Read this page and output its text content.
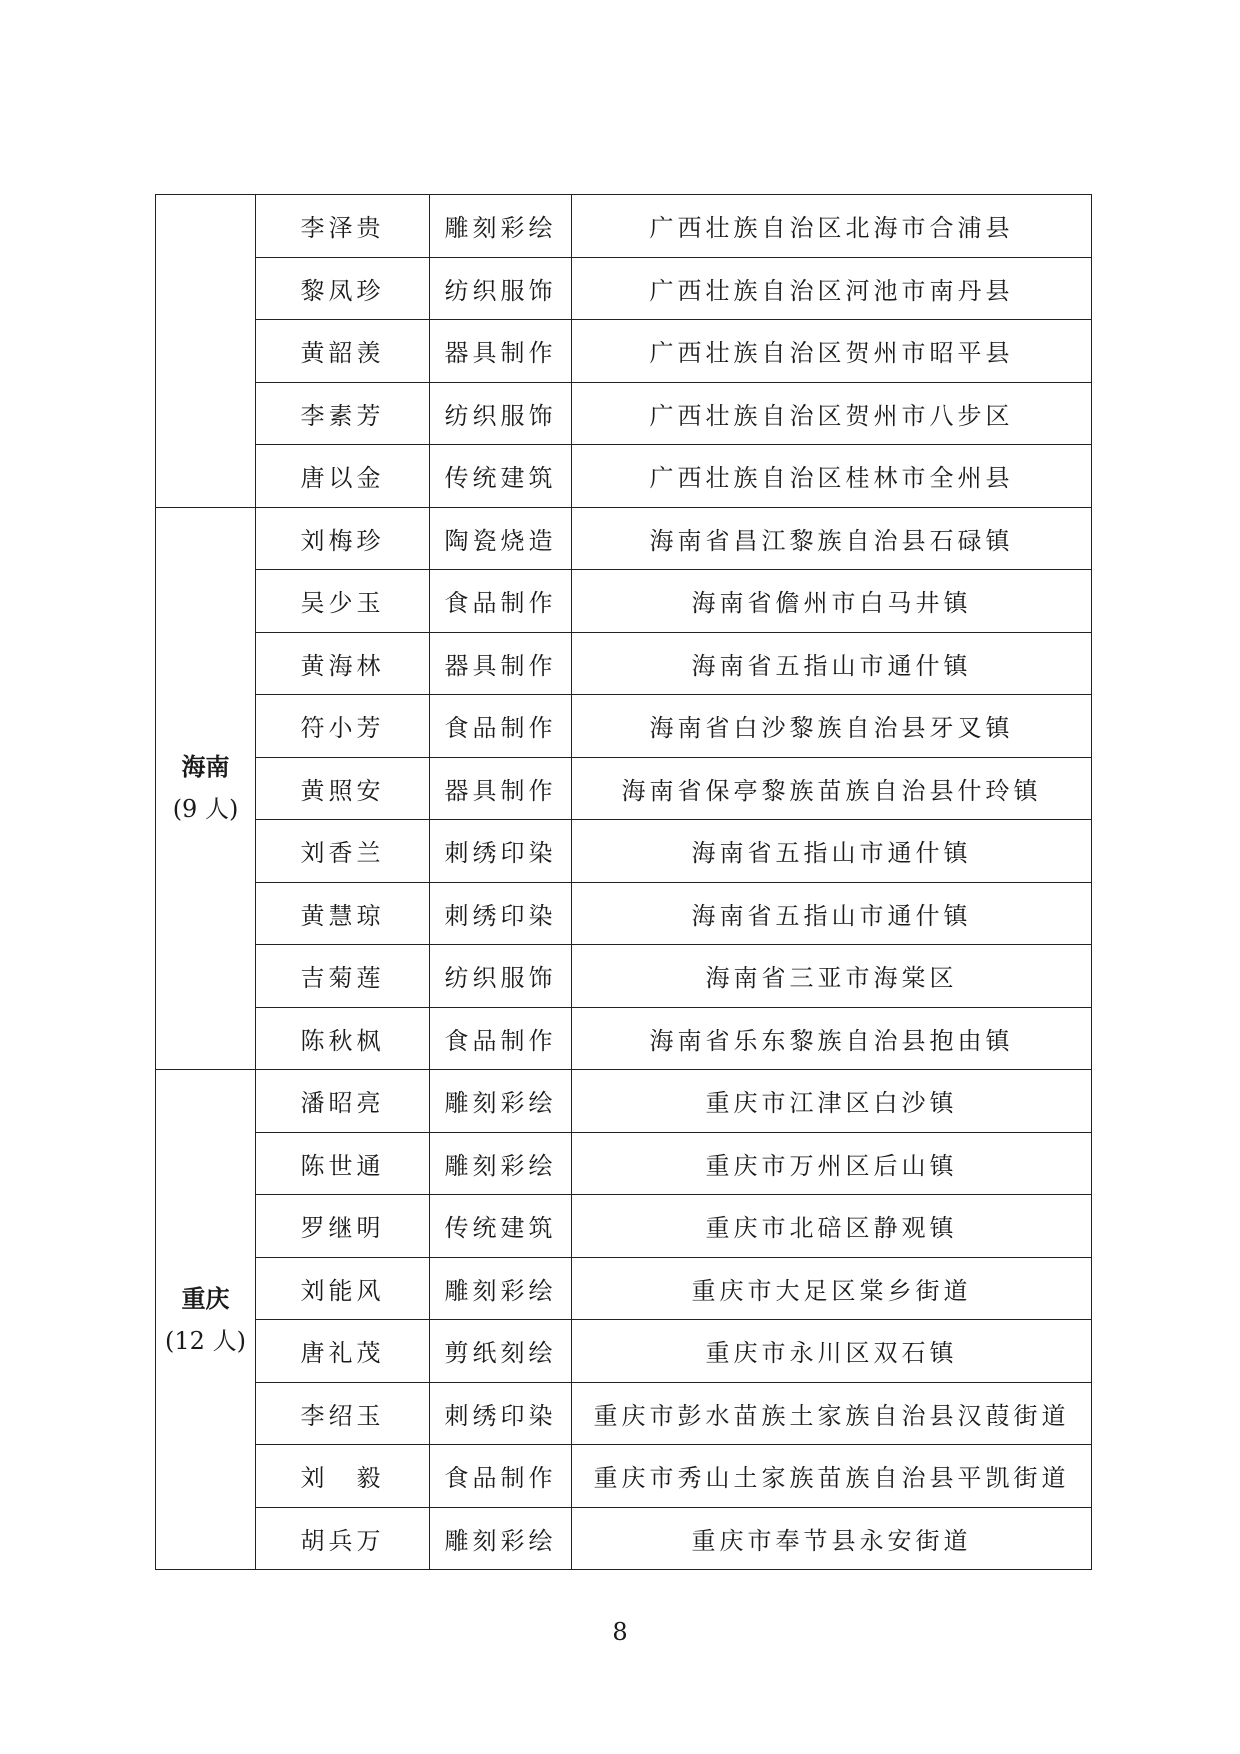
	李泽贵	雕刻彩绘	广西壮族自治区北海市合浦县
	黎凤珍	纺织服饰	广西壮族自治区河池市南丹县
	黄韶羡	器具制作	广西壮族自治区贺州市昭平县
	李素芳	纺织服饰	广西壮族自治区贺州市八步区
	唐以金	传统建筑	广西壮族自治区桂林市全州县

海南
(9 人)	刘梅珍	陶瓷烧造	海南省昌江黎族自治县石碌镇
	吴少玉	食品制作	海南省儋州市白马井镇
	黄海林	器具制作	海南省五指山市通什镇
	符小芳	食品制作	海南省白沙黎族自治县牙叉镇
	黄照安	器具制作	海南省保亭黎族苗族自治县什玲镇
	刘香兰	刺绣印染	海南省五指山市通什镇
	黄慧琼	刺绣印染	海南省五指山市通什镇
	吉菊莲	纺织服饰	海南省三亚市海棠区
	陈秋枫	食品制作	海南省乐东黎族自治县抱由镇

重庆
(12 人)	潘昭亮	雕刻彩绘	重庆市江津区白沙镇
	陈世通	雕刻彩绘	重庆市万州区后山镇
	罗继明	传统建筑	重庆市北碚区静观镇
	刘能风	雕刻彩绘	重庆市大足区棠乡街道
	唐礼茂	剪纸刻绘	重庆市永川区双石镇
	李绍玉	刺绣印染	重庆市彭水苗族土家族自治县汉葭街道
	刘　毅	食品制作	重庆市秀山土家族苗族自治县平凯街道
	胡兵万	雕刻彩绘	重庆市奉节县永安街道
8
